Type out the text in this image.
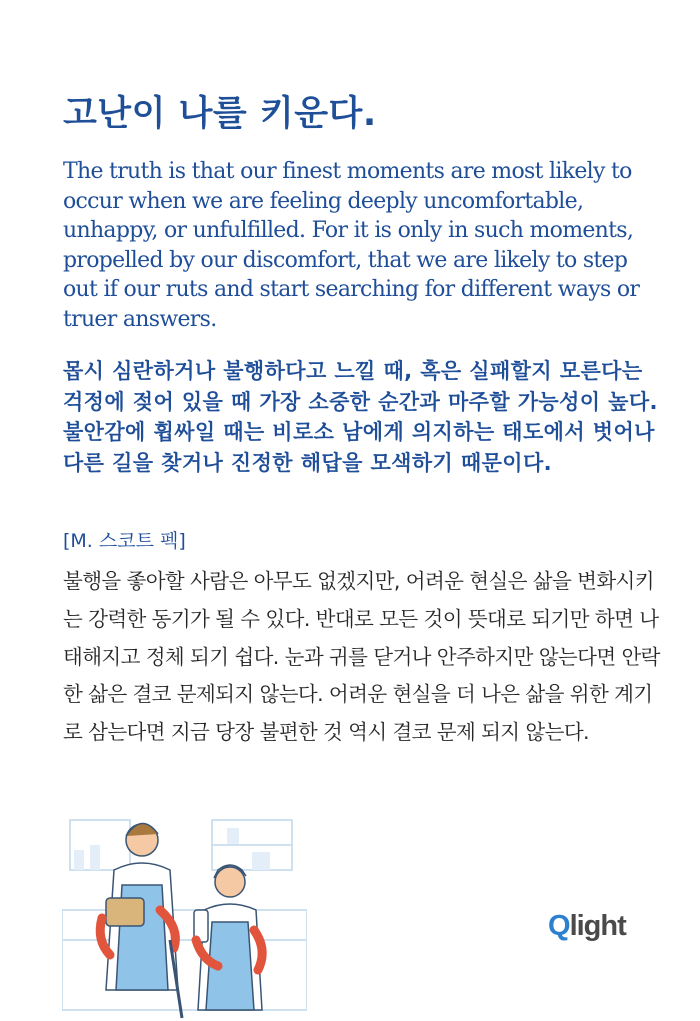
고난이 나를 키운다.

The truth is that our finest moments are most likely to occur when we are feeling deeply uncomfortable, unhappy, or unfulfilled. For it is only in such moments, propelled by our discomfort, that we are likely to step out if our ruts and start searching for different ways or truer answers.

몹시 심란하거나 불행하다고 느낄 때, 혹은 실패할지 모른다는 걱정에 젖어 있을 때 가장 소중한 순간과 마주할 가능성이 높다. 불안감에 휩싸일 때는 비로소 남에게 의지하는 태도에서 벗어나 다른 길을 찾거나 진정한 해답을 모색하기 때문이다.

[M. 스코트 펙]

불행을 좋아할 사람은 아무도 없겠지만, 어려운 현실은 삶을 변화시키는 강력한 동기가 될 수 있다. 반대로 모든 것이 뜻대로 되기만 하면 나태해지고 정체 되기 쉽다. 눈과 귀를 닫거나 안주하지만 않는다면 안락한 삶은 결코 문제되지 않는다. 어려운 현실을 더 나은 삶을 위한 계기로 삼는다면 지금 당장 불편한 것 역시 결코 문제 되지 않는다.

Qlight
